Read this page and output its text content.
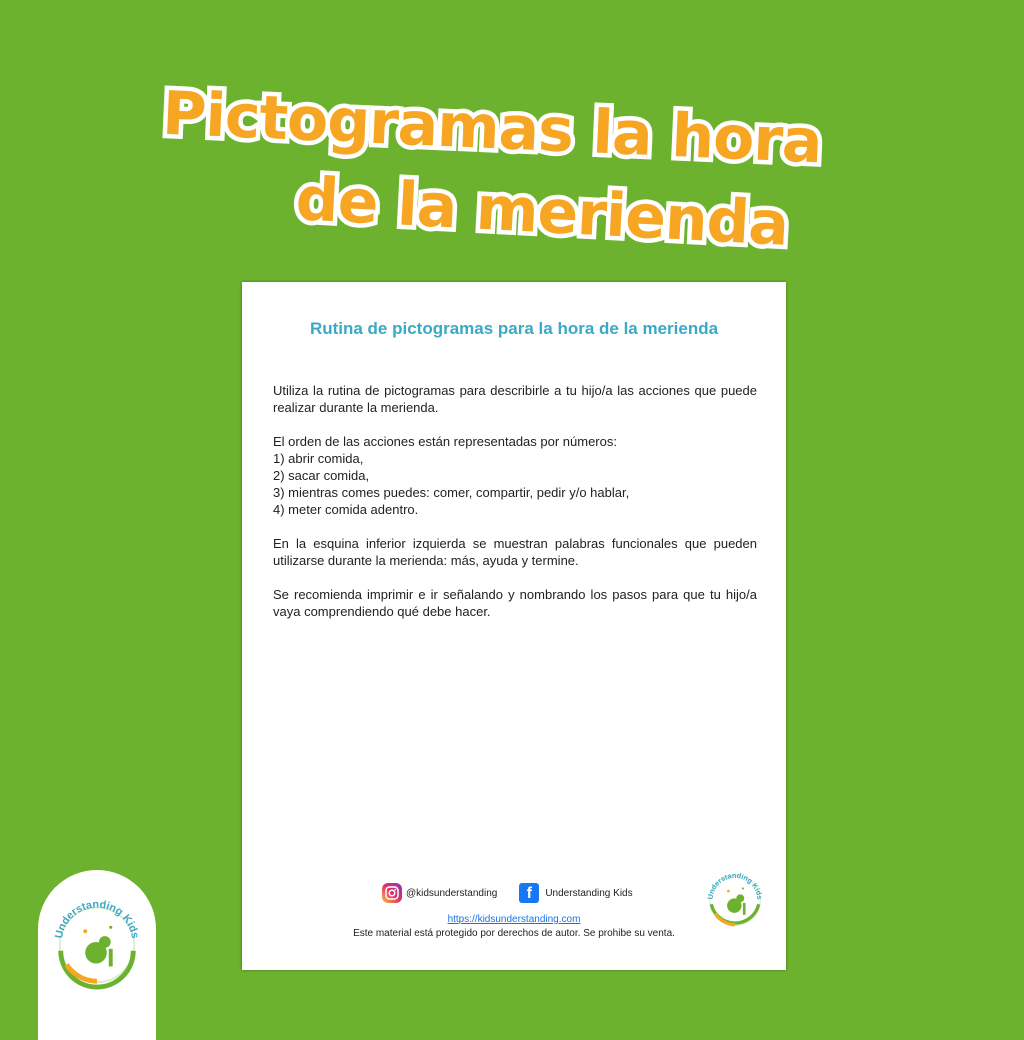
Pictogramas la hora
de la merienda
Rutina de pictogramas para la hora de la merienda

Utiliza la rutina de pictogramas para describirle a tu hijo/a las acciones que puede realizar durante la merienda.

El orden de las acciones están representadas por números:
1) abrir comida,
2) sacar comida,
3) mientras comes puedes: comer, compartir, pedir y/o hablar,
4) meter comida adentro.

En la esquina inferior izquierda se muestran palabras funcionales que pueden utilizarse durante la merienda: más, ayuda y termine.

Se recomienda imprimir e ir señalando y nombrando los pasos para que tu hijo/a vaya comprendiendo qué debe hacer.

@kidsunderstanding	f	Understanding Kids	Understanding Kids
https://kidsunderstanding.com
Este material está protegido por derechos de autor. Se prohibe su venta.
Understanding Kids
